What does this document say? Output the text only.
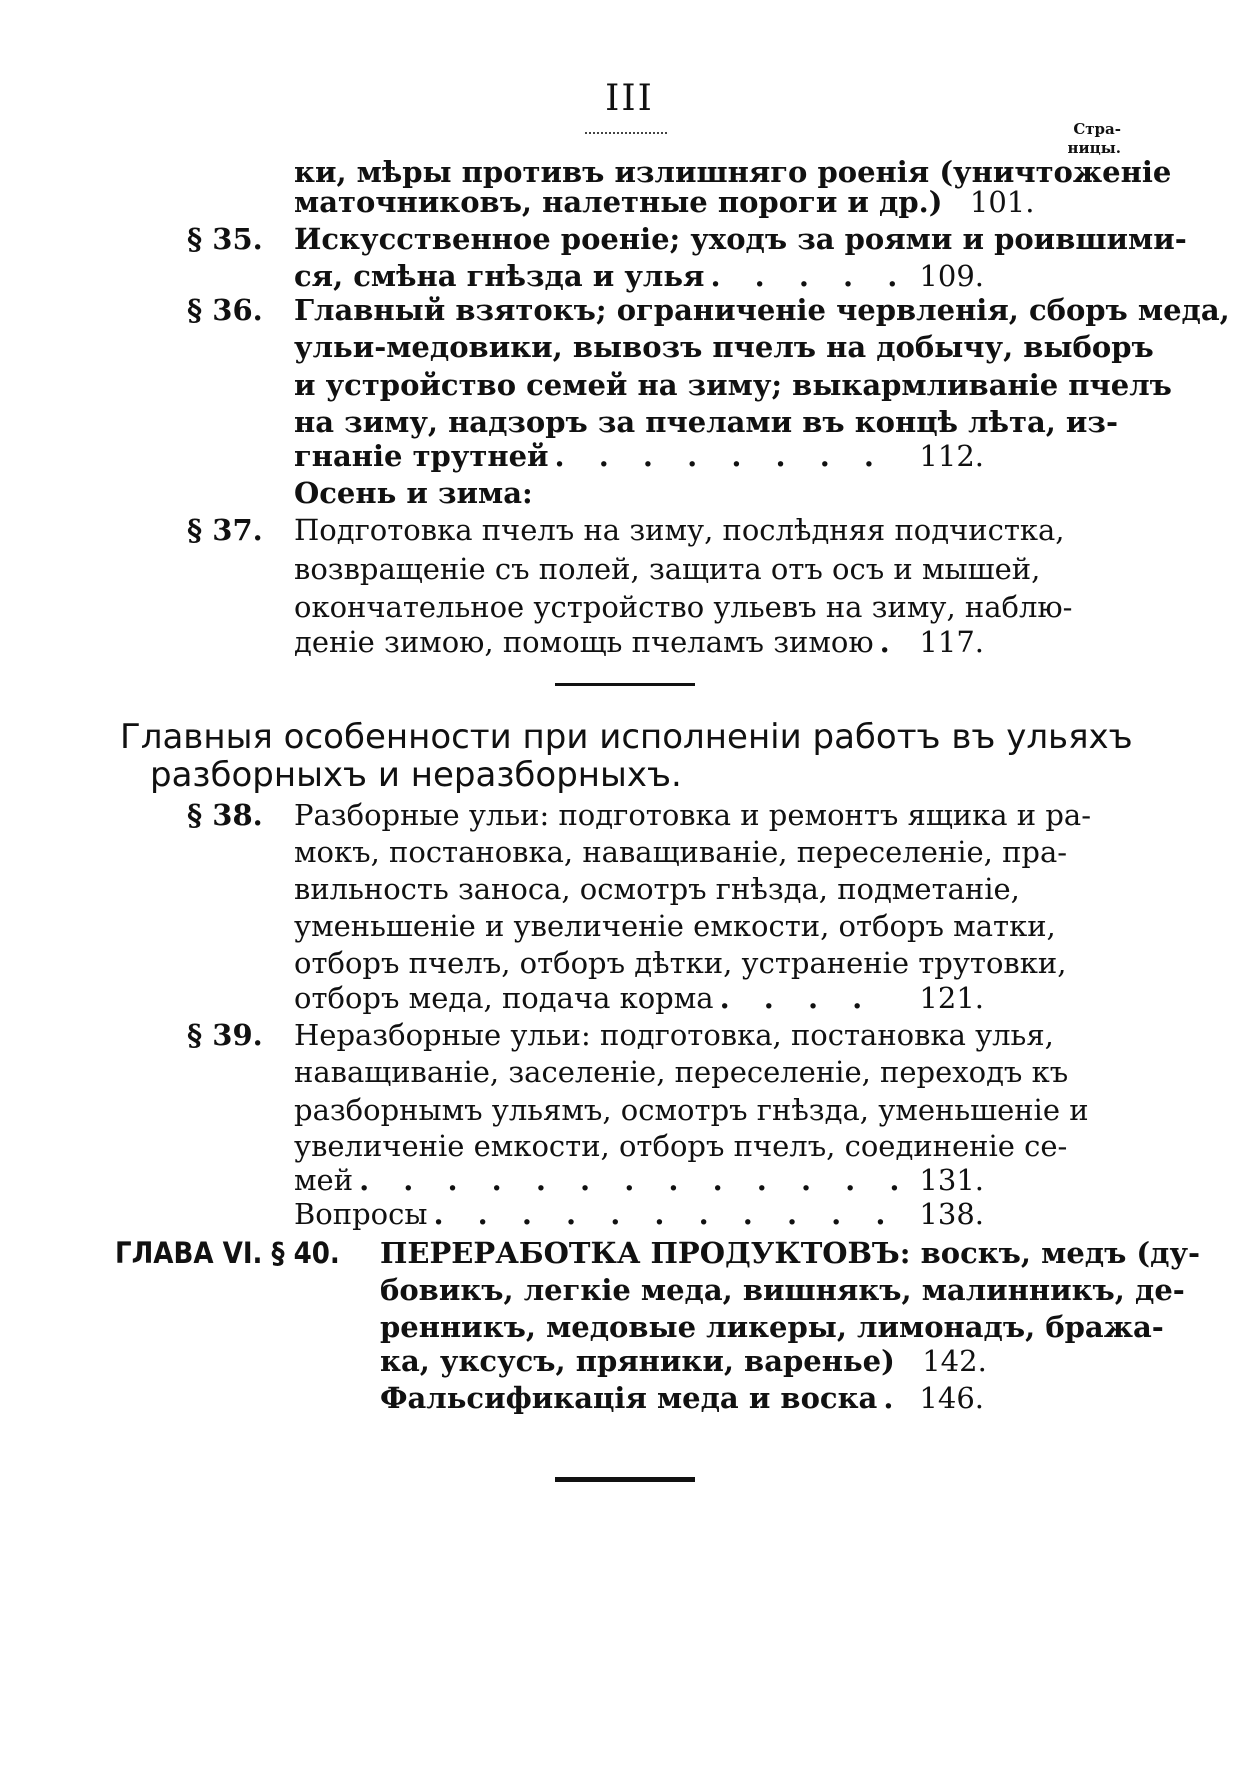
III
Стра-
ницы.
ки, мѣры противъ излишняго роенія (уничтоженіе
маточниковъ, налетные пороги и др.) 101.
§ 35. Искусственное роеніе; уходъ за роями и роившими-
ся, смѣна гнѣзда и улья . . .	109.
§ 36. Главный взятокъ; ограниченіе червленія, сборъ меда,
ульи-медовики, вывозъ пчелъ на добычу, выборъ
и устройство семей на зиму; выкармливаніе пчелъ
на зиму, надзоръ за пчелами въ концѣ лѣта, из-
гнаніе трутней . . .	112.
Осень и зима:
§ 37. Подготовка пчелъ на зиму, послѣдняя подчистка,
возвращеніе съ полей, защита отъ осъ и мышей,
окончательное устройство ульевъ на зиму, наблю-
деніе зимою, помощь пчеламъ зимою . . .	117.
Главныя особенности при исполненіи работъ въ ульяхъ
разборныхъ и неразборныхъ.
§ 38. Разборные ульи: подготовка и ремонтъ ящика и ра-
мокъ, постановка, наващиваніе, переселеніе, пра-
вильность заноса, осмотръ гнѣзда, подметаніе,
уменьшеніе и увеличеніе емкости, отборъ матки,
отборъ пчелъ, отборъ дѣтки, устраненіе трутовки,
отборъ меда, подача корма . . .	121.
§ 39. Неразборные ульи: подготовка, постановка улья,
наващиваніе, заселеніе, переселеніе, переходъ къ
разборнымъ ульямъ, осмотръ гнѣзда, уменьшеніе и
увеличеніе емкости, отборъ пчелъ, соединеніе се-
мей . . .	131.
Вопросы . . .	138.
ГЛАВА VI. § 40. ПЕРЕРАБОТКА ПРОДУКТОВЪ: воскъ, медъ (ду-
бовикъ, легкіе меда, вишнякъ, малинникъ, де-
ренникъ, медовые ликеры, лимонадъ, бража-
ка, уксусъ, пряники, варенье) 142.
Фальсификація меда и воска . . .	146.
